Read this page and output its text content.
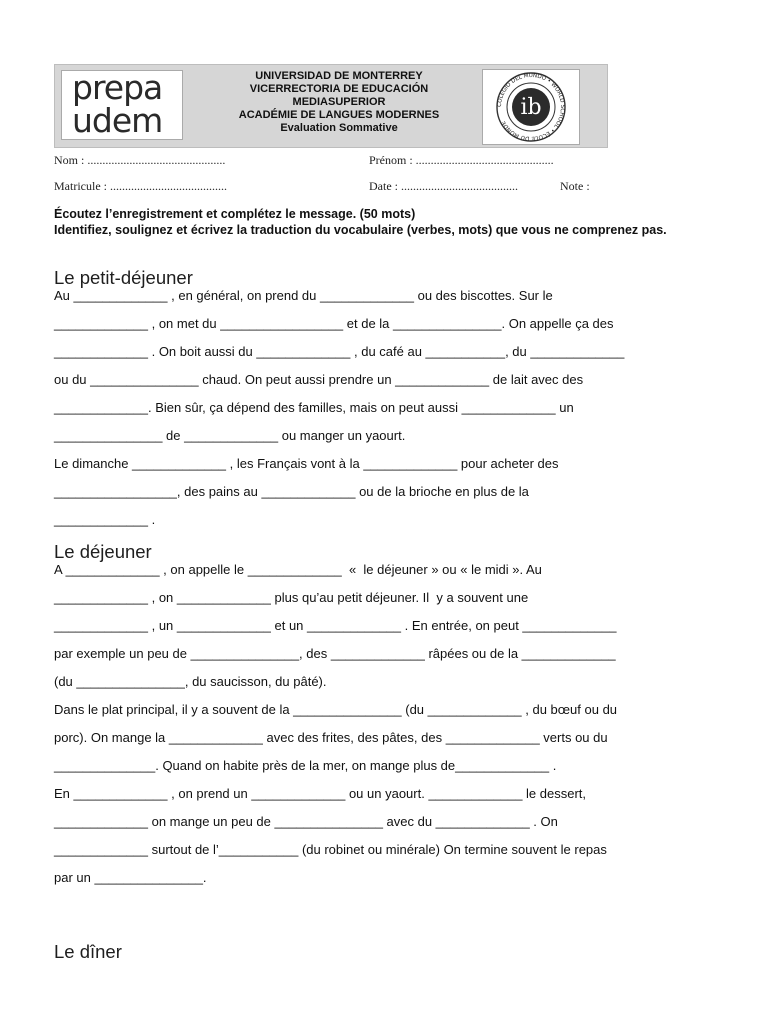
prepa
udem
UNIVERSIDAD DE MONTERREY
VICERRECTORIA DE EDUCACIÓN
MEDIASUPERIOR
ACADÉMIE DE LANGUES MODERNES
Evaluation Sommative
COLEGIO DEL MUNDO • WORLD SCHOOL • ÉCOLE DU MONDE
ib
Nom : ..............................................	Prénom : ..............................................
Matricule : .......................................	Date : .......................................	Note :
Écoutez l’enregistrement et complétez le message. (50 mots)
Identifiez, soulignez et écrivez la traduction du vocabulaire (verbes, mots) que vous ne comprenez pas.
Le petit-déjeuner
Au _____________ , en général, on prend du _____________ ou des biscottes. Sur le
_____________ , on met du _________________ et de la _______________. On appelle ça des
_____________ . On boit aussi du _____________ , du café au ___________, du _____________
ou du _______________ chaud. On peut aussi prendre un _____________ de lait avec des
_____________. Bien sûr, ça dépend des familles, mais on peut aussi _____________ un
_______________ de _____________ ou manger un yaourt.
Le dimanche _____________ , les Français vont à la _____________ pour acheter des
_________________, des pains au _____________ ou de la brioche en plus de la
_____________ .
Le déjeuner
A _____________ , on appelle le _____________  «  le déjeuner » ou « le midi ». Au
_____________ , on _____________ plus qu’au petit déjeuner. Il  y a souvent une
_____________ , un _____________ et un _____________ . En entrée, on peut _____________
par exemple un peu de _______________, des _____________ râpées ou de la _____________
(du _______________, du saucisson, du pâté).
Dans le plat principal, il y a souvent de la _______________ (du _____________ , du bœuf ou du
porc). On mange la _____________ avec des frites, des pâtes, des _____________ verts ou du
______________. Quand on habite près de la mer, on mange plus de_____________ .
En _____________ , on prend un _____________ ou un yaourt. _____________ le dessert,
_____________ on mange un peu de _______________ avec du _____________ . On
_____________ surtout de l’___________ (du robinet ou minérale) On termine souvent le repas
par un _______________.
Le dîner
